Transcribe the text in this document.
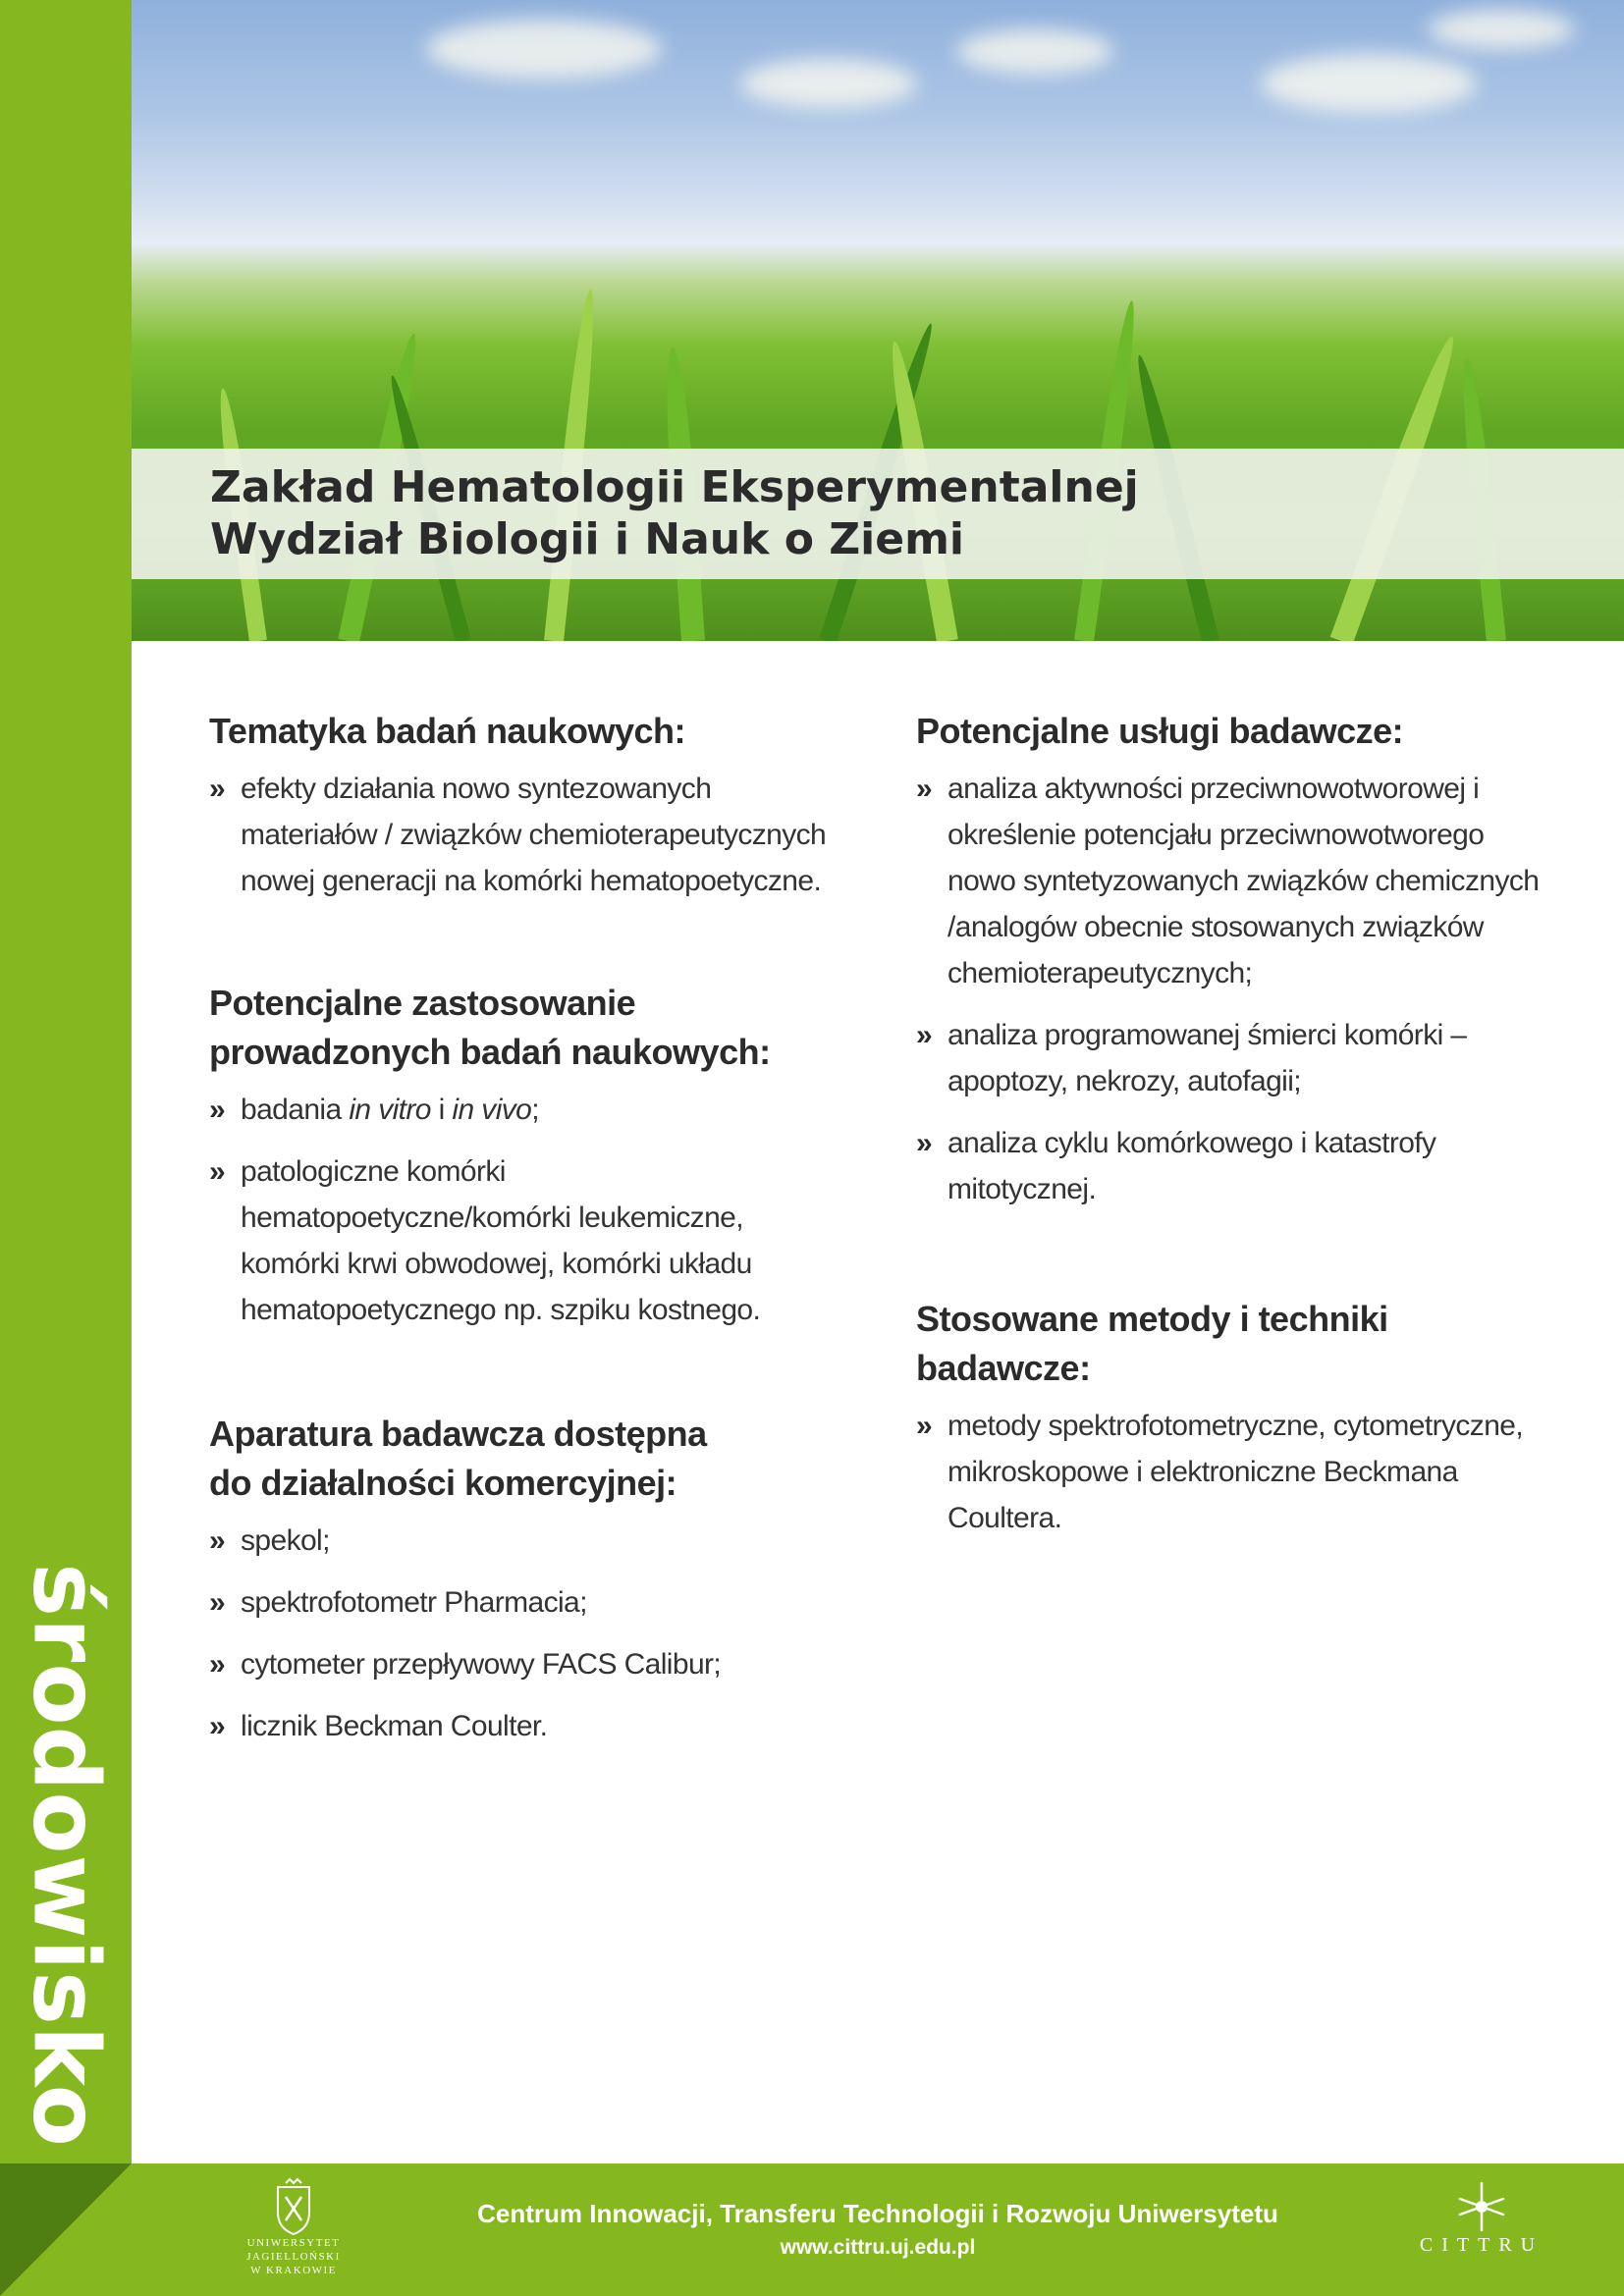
środowisko
Zakład Hematologii Eksperymentalnej
Wydział Biologii i Nauk o Ziemi
Tematyka badań naukowych:
» efekty działania nowo syntezowanych materiałów / związków chemioterapeutycznych nowej generacji na komórki hematopoetyczne.
Potencjalne zastosowanie
prowadzonych badań naukowych:
» badania in vitro i in vivo;
» patologiczne komórki hematopoetyczne/komórki leukemiczne, komórki krwi obwodowej, komórki układu hematopoetycznego np. szpiku kostnego.
Aparatura badawcza dostępna
do działalności komercyjnej:
» spekol;
» spektrofotometr Pharmacia;
» cytometer przepływowy FACS Calibur;
» licznik Beckman Coulter.
Potencjalne usługi badawcze:
» analiza aktywności przeciwnowotworowej i określenie potencjału przeciwnowotworego nowo syntetyzowanych związków chemicznych /analogów obecnie stosowanych związków chemioterapeutycznych;
» analiza programowanej śmierci komórki – apoptozy, nekrozy, autofagii;
» analiza cyklu komórkowego i katastrofy mitotycznej.
Stosowane metody i techniki badawcze:
» metody spektrofotometryczne, cytometryczne, mikroskopowe i elektroniczne Beckmana Coultera.
UNIWERSYTET JAGIELLOŃSKI
W KRAKOWIE
Centrum Innowacji, Transferu Technologii i Rozwoju Uniwersytetu
www.cittru.uj.edu.pl	CITTRU
